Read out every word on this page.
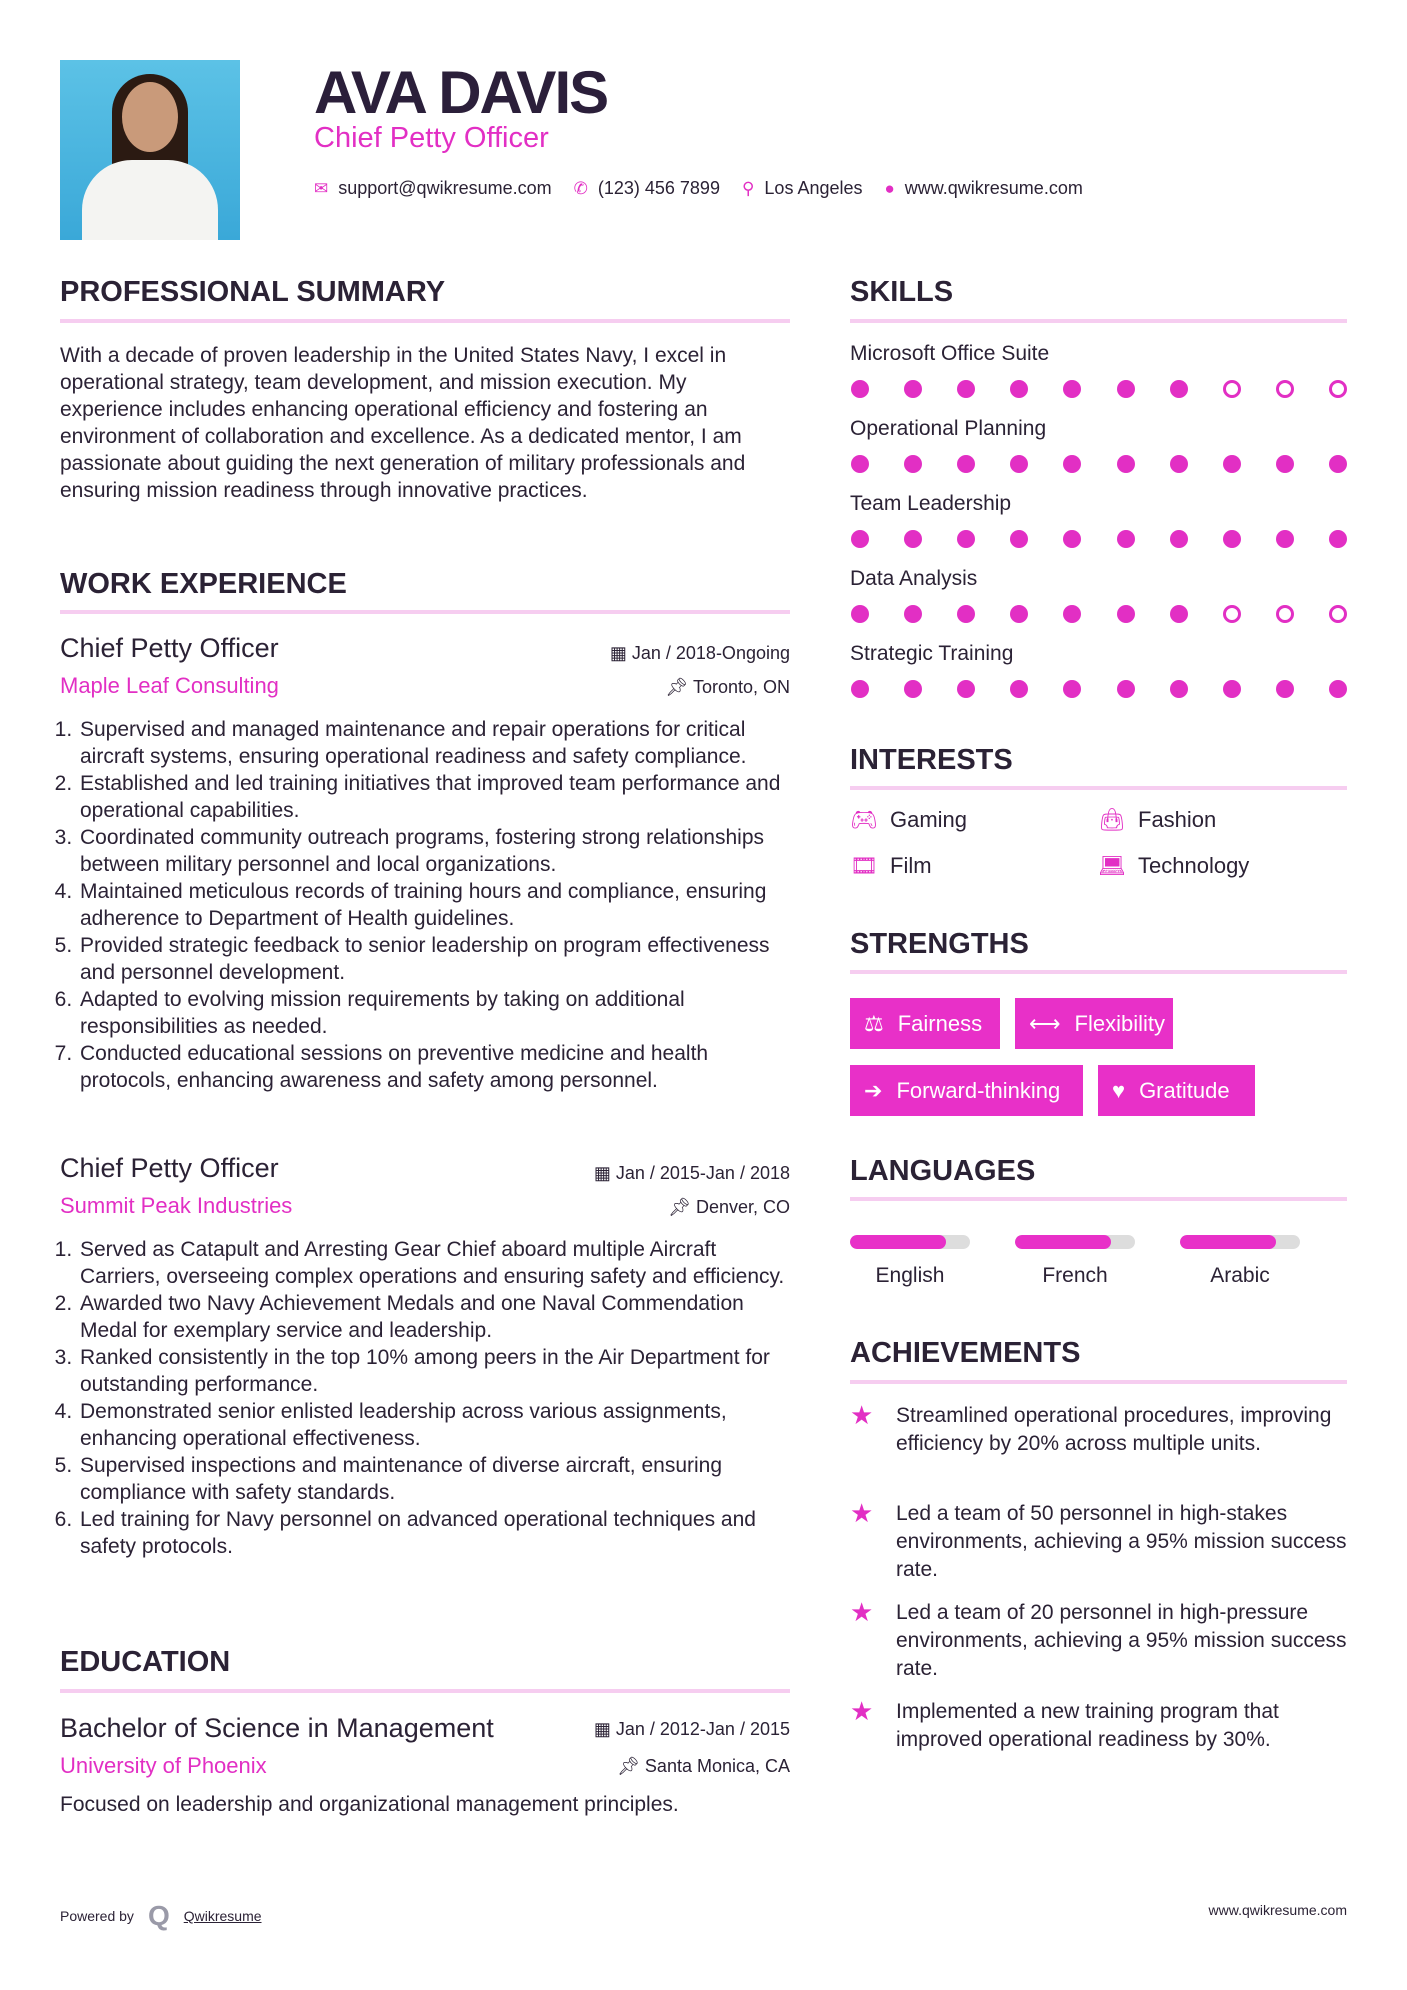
AVA DAVIS
Chief Petty Officer
✉ support@qwikresume.com ✆ (123) 456 7899 ⚲ Los Angeles ● www.qwikresume.com
PROFESSIONAL SUMMARY
With a decade of proven leadership in the United States Navy, I excel in operational strategy, team development, and mission execution. My experience includes enhancing operational efficiency and fostering an environment of collaboration and excellence. As a dedicated mentor, I am passionate about guiding the next generation of military professionals and ensuring mission readiness through innovative practices.
WORK EXPERIENCE
Chief Petty Officer
Maple Leaf Consulting
▦ Jan / 2018-Ongoing
📌︎ Toronto, ON
1. Supervised and managed maintenance and repair operations for critical aircraft systems, ensuring operational readiness and safety compliance.
2. Established and led training initiatives that improved team performance and operational capabilities.
3. Coordinated community outreach programs, fostering strong relationships between military personnel and local organizations.
4. Maintained meticulous records of training hours and compliance, ensuring adherence to Department of Health guidelines.
5. Provided strategic feedback to senior leadership on program effectiveness and personnel development.
6. Adapted to evolving mission requirements by taking on additional responsibilities as needed.
7. Conducted educational sessions on preventive medicine and health protocols, enhancing awareness and safety among personnel.
Chief Petty Officer
Summit Peak Industries
▦ Jan / 2015-Jan / 2018
📌︎ Denver, CO
1. Served as Catapult and Arresting Gear Chief aboard multiple Aircraft Carriers, overseeing complex operations and ensuring safety and efficiency.
2. Awarded two Navy Achievement Medals and one Naval Commendation Medal for exemplary service and leadership.
3. Ranked consistently in the top 10% among peers in the Air Department for outstanding performance.
4. Demonstrated senior enlisted leadership across various assignments, enhancing operational effectiveness.
5. Supervised inspections and maintenance of diverse aircraft, ensuring compliance with safety standards.
6. Led training for Navy personnel on advanced operational techniques and safety protocols.
EDUCATION
Bachelor of Science in Management
University of Phoenix
▦ Jan / 2012-Jan / 2015
📌︎ Santa Monica, CA
Focused on leadership and organizational management principles.
SKILLS
Microsoft Office Suite
Operational Planning
Team Leadership
Data Analysis
Strategic Training
INTERESTS
🎮︎ Gaming	👜︎ Fashion
🎞︎ Film	💻︎ Technology
STRENGTHS
⚖ Fairness ⟷ Flexibility
➔ Forward-thinking ♥ Gratitude
LANGUAGES
English	French	Arabic
ACHIEVEMENTS
★	Streamlined operational procedures, improving efficiency by 20% across multiple units.
★	Led a team of 50 personnel in high-stakes environments, achieving a 95% mission success rate.
★	Led a team of 20 personnel in high-pressure environments, achieving a 95% mission success rate.
★	Implemented a new training program that improved operational readiness by 30%.
Powered by Q Qwikresume	www.qwikresume.com
